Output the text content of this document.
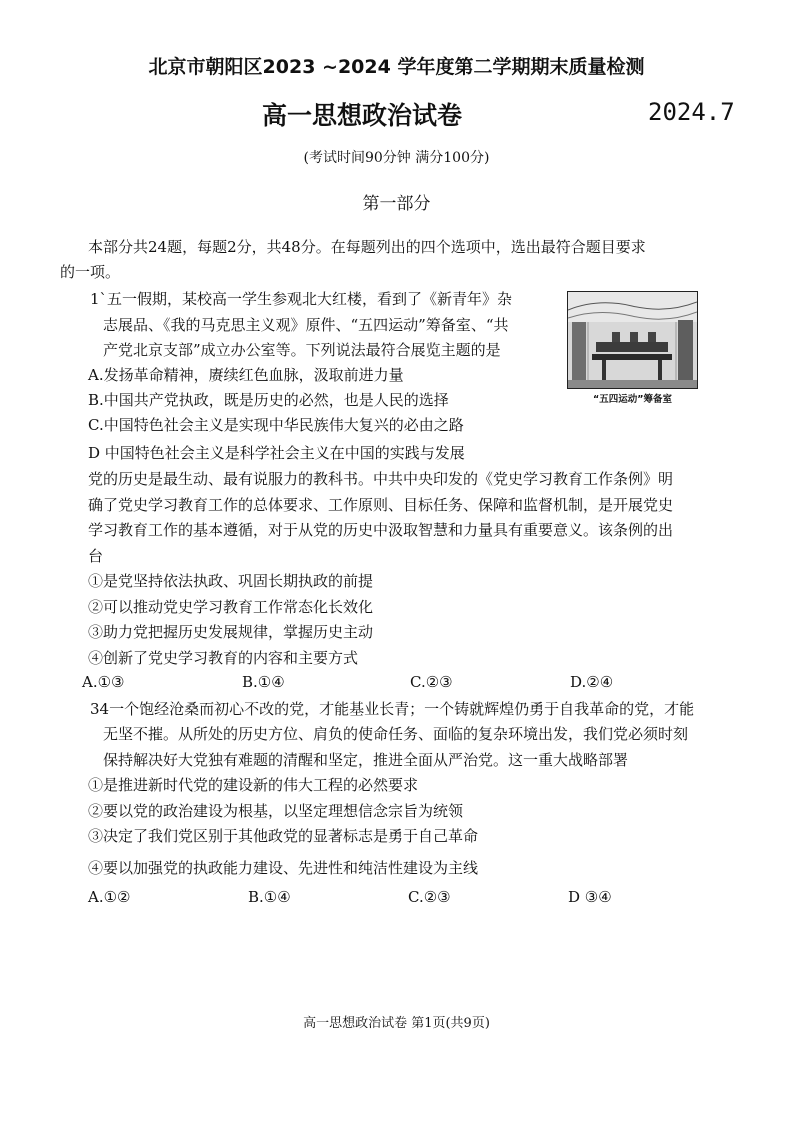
北京市朝阳区2023 ~2024 学年度第二学期期末质量检测
高一思想政治试卷	2024.7
(考试时间90分钟 满分100分)
第一部分
本部分共24题，每题2分，共48分。在每题列出的四个选项中，选出最符合题目要求
的一项。
1`五一假期，某校高一学生参观北大红楼，看到了《新青年》杂
志展品、《我的马克思主义观》原件、“五四运动”筹备室、“共
产党北京支部”成立办公室等。下列说法最符合展览主题的是
A.发扬革命精神，赓续红色血脉，汲取前进力量
B.中国共产党执政，既是历史的必然，也是人民的选择
C.中国特色社会主义是实现中华民族伟大复兴的必由之路
D 中国特色社会主义是科学社会主义在中国的实践与发展
“五四运动”筹备室
党的历史是最生动、最有说服力的教科书。中共中央印发的《党史学习教育工作条例》明
确了党史学习教育工作的总体要求、工作原则、目标任务、保障和监督机制，是开展党史
学习教育工作的基本遵循，对于从党的历史中汲取智慧和力量具有重要意义。该条例的出
台
①是党坚持依法执政、巩固长期执政的前提
②可以推动党史学习教育工作常态化长效化
③助力党把握历史发展规律，掌握历史主动
④创新了党史学习教育的内容和主要方式
A.①③	B.①④	C.②③	D.②④
34一个饱经沧桑而初心不改的党，才能基业长青；一个铸就辉煌仍勇于自我革命的党，才能
无坚不摧。从所处的历史方位、肩负的使命任务、面临的复杂环境出发，我们党必须时刻
保持解决好大党独有难题的清醒和坚定，推进全面从严治党。这一重大战略部署
①是推进新时代党的建设新的伟大工程的必然要求
②要以党的政治建设为根基，以坚定理想信念宗旨为统领
③决定了我们党区别于其他政党的显著标志是勇于自己革命
④要以加强党的执政能力建设、先进性和纯洁性建设为主线
A.①②	B.①④	C.②③	D ③④
高一思想政治试卷 第1页(共9页)
